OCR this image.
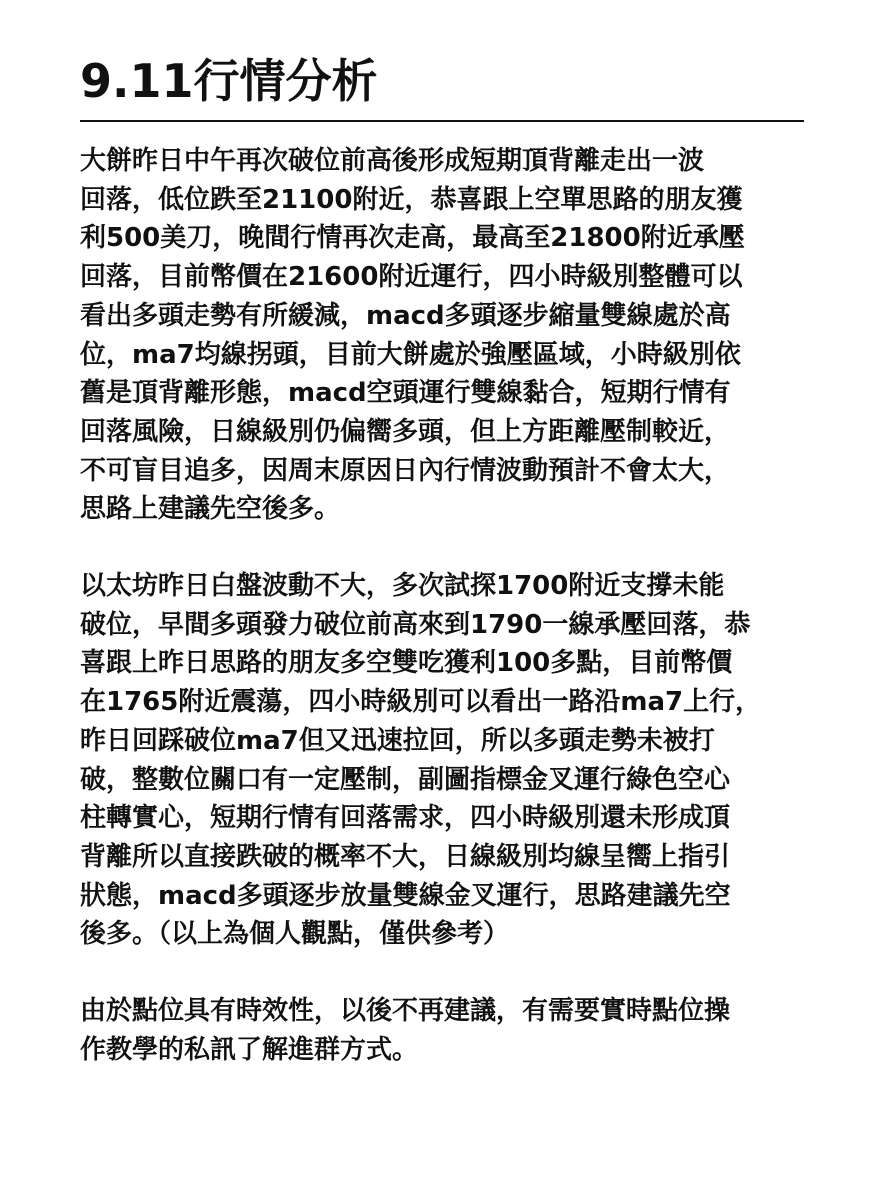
9.11行情分析

大餅昨日中午再次破位前高後形成短期頂背離走出一波
回落，低位跌至21100附近，恭喜跟上空單思路的朋友獲
利500美刀，晚間行情再次走高，最高至21800附近承壓
回落，目前幣價在21600附近運行，四小時級別整體可以
看出多頭走勢有所緩減，macd多頭逐步縮量雙線處於高
位，ma7均線拐頭，目前大餅處於強壓區域，小時級別依
舊是頂背離形態，macd空頭運行雙線黏合，短期行情有
回落風險，日線級別仍偏嚮多頭，但上方距離壓制較近，
不可盲目追多，因周末原因日內行情波動預計不會太大，
思路上建議先空後多。

以太坊昨日白盤波動不大，多次試探1700附近支撐未能
破位，早間多頭發力破位前高來到1790一線承壓回落，恭
喜跟上昨日思路的朋友多空雙吃獲利100多點，目前幣價
在1765附近震蕩，四小時級別可以看出一路沿ma7上行，
昨日回踩破位ma7但又迅速拉回，所以多頭走勢未被打
破，整數位關口有一定壓制，副圖指標金叉運行綠色空心
柱轉實心，短期行情有回落需求，四小時級別還未形成頂
背離所以直接跌破的概率不大，日線級別均線呈嚮上指引
狀態，macd多頭逐步放量雙線金叉運行，思路建議先空
後多。（以上為個人觀點，僅供參考）

由於點位具有時效性，以後不再建議，有需要實時點位操
作教學的私訊了解進群方式。
